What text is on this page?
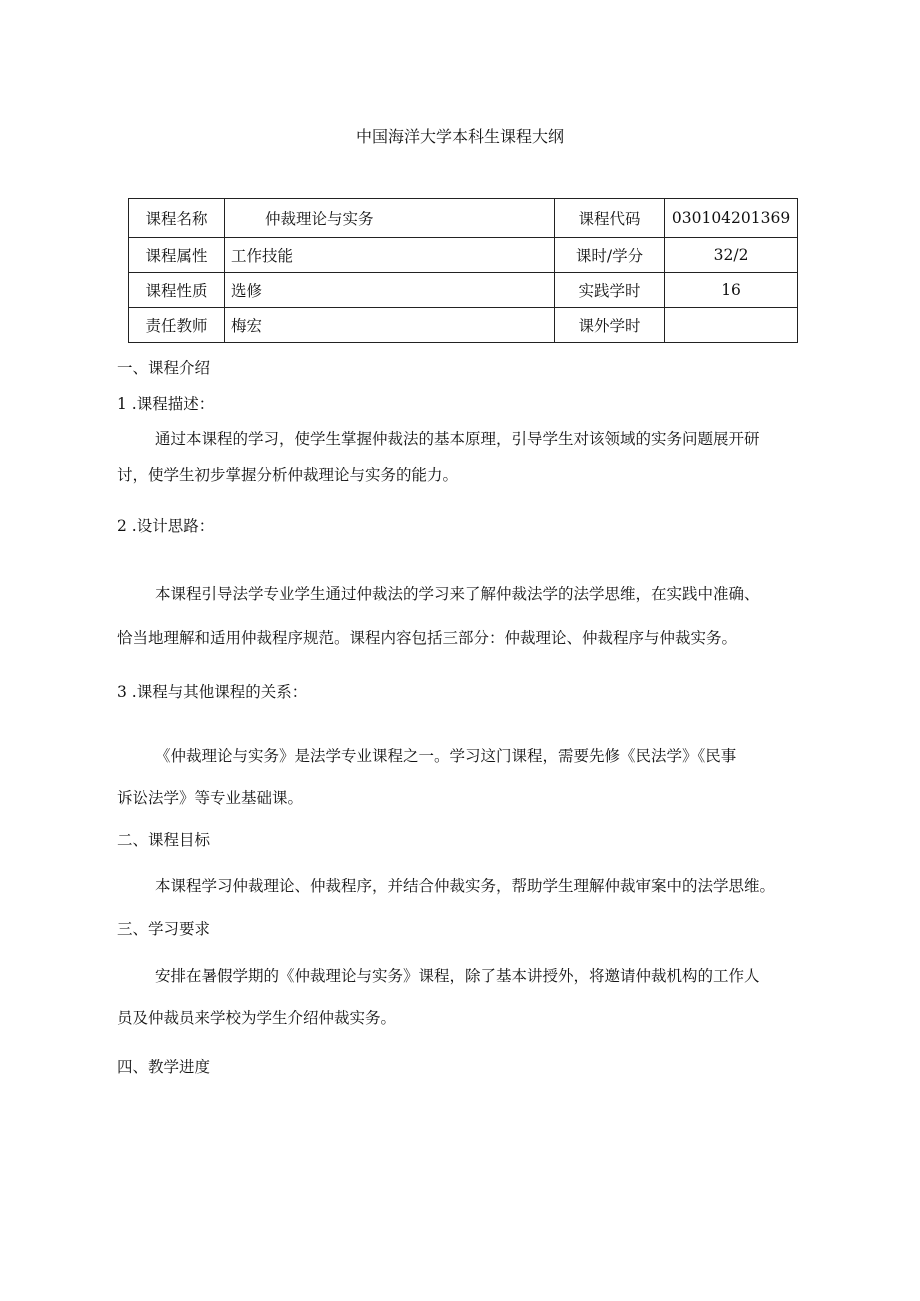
中国海洋大学本科生课程大纲
课程名称	仲裁理论与实务	课程代码	030104201369
课程属性	工作技能	课时/学分	32/2
课程性质	选修	实践学时	16
责任教师	梅宏	课外学时	
一、课程介绍
1 .课程描述：
通过本课程的学习，使学生掌握仲裁法的基本原理，引导学生对该领域的实务问题展开研
讨，使学生初步掌握分析仲裁理论与实务的能力。
2 .设计思路：
本课程引导法学专业学生通过仲裁法的学习来了解仲裁法学的法学思维，在实践中准确、
恰当地理解和适用仲裁程序规范。课程内容包括三部分：仲裁理论、仲裁程序与仲裁实务。
3 .课程与其他课程的关系：
《仲裁理论与实务》是法学专业课程之一。学习这门课程，需要先修《民法学》《民事
诉讼法学》等专业基础课。
二、课程目标
本课程学习仲裁理论、仲裁程序，并结合仲裁实务，帮助学生理解仲裁审案中的法学思维。
三、学习要求
安排在暑假学期的《仲裁理论与实务》课程，除了基本讲授外，将邀请仲裁机构的工作人
员及仲裁员来学校为学生介绍仲裁实务。
四、教学进度
